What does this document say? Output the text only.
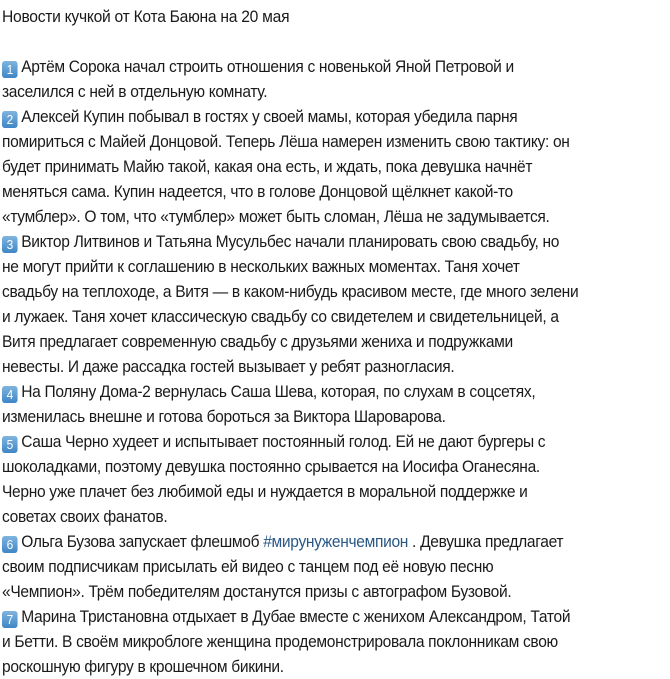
Новости кучкой от Кота Баюна на 20 мая
1 Артём Сорока начал строить отношения с новенькой Яной Петровой и
заселился с ней в отдельную комнату.
2 Алексей Купин побывал в гостях у своей мамы, которая убедила парня
помириться с Майей Донцовой. Теперь Лёша намерен изменить свою тактику: он
будет принимать Майю такой, какая она есть, и ждать, пока девушка начнёт
меняться сама. Купин надеется, что в голове Донцовой щёлкнет какой-то
«тумблер». О том, что «тумблер» может быть сломан, Лёша не задумывается.
3 Виктор Литвинов и Татьяна Мусульбес начали планировать свою свадьбу, но
не могут прийти к соглашению в нескольких важных моментах. Таня хочет
свадьбу на теплоходе, а Витя — в каком-нибудь красивом месте, где много зелени
и лужаек. Таня хочет классическую свадьбу со свидетелем и свидетельницей, а
Витя предлагает современную свадьбу с друзьями жениха и подружками
невесты. И даже рассадка гостей вызывает у ребят разногласия.
4 На Поляну Дома-2 вернулась Саша Шева, которая, по слухам в соцсетях,
изменилась внешне и готова бороться за Виктора Шароварова.
5 Саша Черно худеет и испытывает постоянный голод. Ей не дают бургеры с
шоколадками, поэтому девушка постоянно срывается на Иосифа Оганесяна.
Черно уже плачет без любимой еды и нуждается в моральной поддержке и
советах своих фанатов.
6 Ольга Бузова запускает флешмоб #мирунуженчемпион . Девушка предлагает
своим подписчикам присылать ей видео с танцем под её новую песню
«Чемпион». Трём победителям достанутся призы с автографом Бузовой.
7 Марина Тристановна отдыхает в Дубае вместе с женихом Александром, Татой
и Бетти. В своём микроблоге женщина продемонстрировала поклонникам свою
роскошную фигуру в крошечном бикини.
